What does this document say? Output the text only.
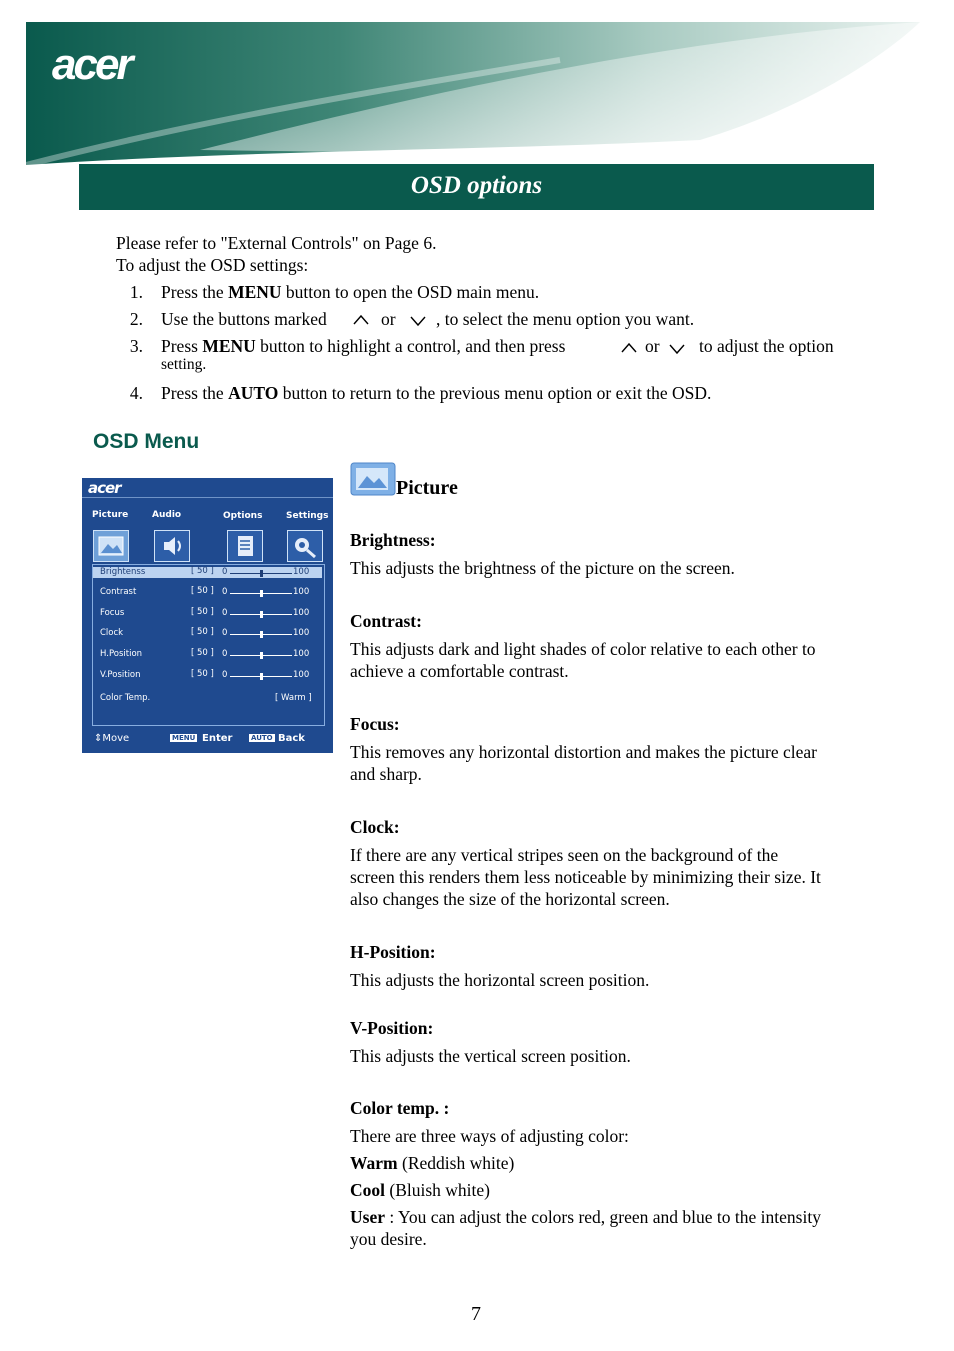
acer
OSD options
Please refer to "External Controls" on Page 6.
To adjust the OSD settings:
1. Press the MENU button to open the OSD main menu.
2. Use the buttons marked	or , to select the menu option you want.
3. Press MENU button to highlight a control, and then press	or to adjust the option
setting.
4. Press the AUTO button to return to the previous menu option or exit the OSD.
OSD Menu
acer
Picture	Audio	Options	Settings
Brightenss	[ 50 ] 0	100
Contrast	[ 50 ] 0	100
Focus	[ 50 ] 0	100
Clock	[ 50 ] 0	100
H.Position	[ 50 ] 0	100
V.Position	[ 50 ] 0	100
Color Temp.	[ Warm ]
⇕Move	MENU Enter	AUTO Back
Picture
Brightness:
This adjusts the brightness of the picture on the screen.
Contrast:
This adjusts dark and light shades of color relative to each other to
achieve a comfortable contrast.
Focus:
This removes any horizontal distortion and makes the picture clear
and sharp.
Clock:
If there are any vertical stripes seen on the background of the
screen this renders them less noticeable by minimizing their size. It
also changes the size of the horizontal screen.
H-Position:
This adjusts the horizontal screen position.
V-Position:
This adjusts the vertical screen position.
Color temp. :
There are three ways of adjusting color:
Warm (Reddish white)
Cool (Bluish white)
User : You can adjust the colors red, green and blue to the intensity
you desire.
7
